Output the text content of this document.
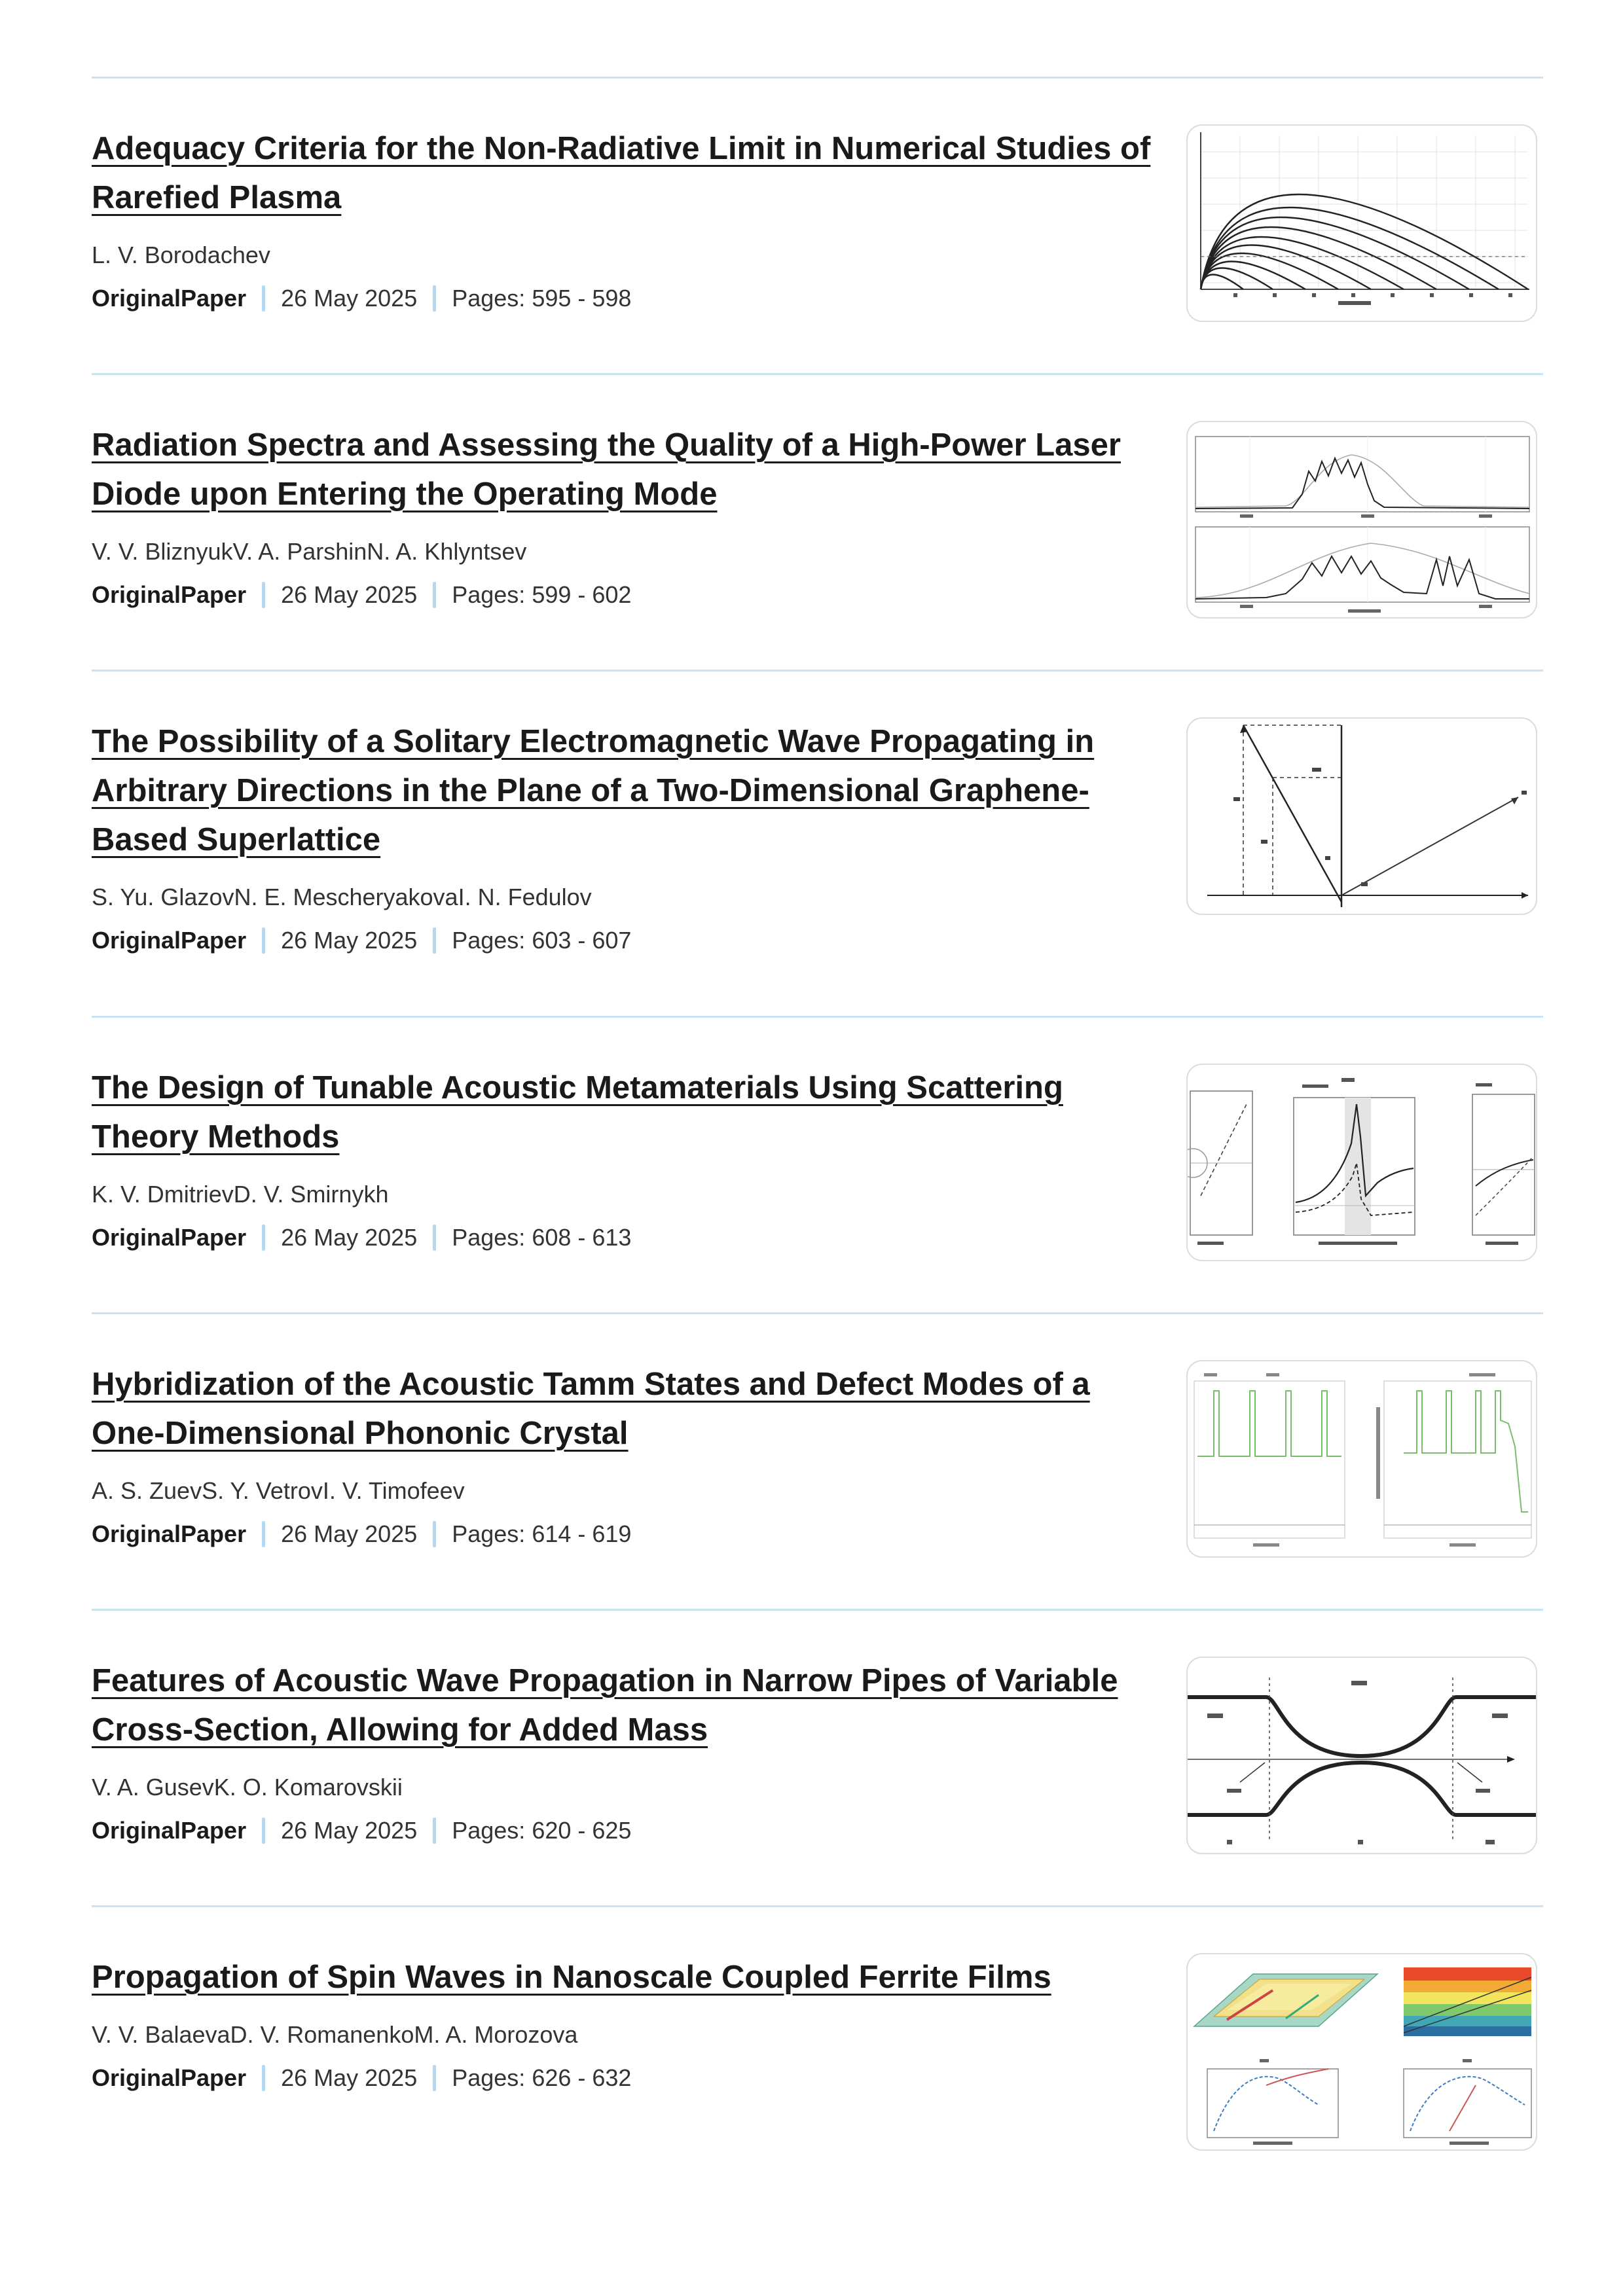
Adequacy Criteria for the Non-Radiative Limit in Numerical Studies of Rarefied Plasma
L. V. Borodachev
OriginalPaper 26 May 2025 Pages: 595 - 598
Radiation Spectra and Assessing the Quality of a High-Power Laser Diode upon Entering the Operating Mode
V. V. BliznyukV. A. ParshinN. A. Khlyntsev
OriginalPaper 26 May 2025 Pages: 599 - 602
The Possibility of a Solitary Electromagnetic Wave Propagating in Arbitrary Directions in the Plane of a Two-Dimensional Graphene-Based Superlattice
S. Yu. GlazovN. E. MescheryakovaI. N. Fedulov
OriginalPaper 26 May 2025 Pages: 603 - 607
The Design of Tunable Acoustic Metamaterials Using Scattering Theory Methods
K. V. DmitrievD. V. Smirnykh
OriginalPaper 26 May 2025 Pages: 608 - 613
Hybridization of the Acoustic Tamm States and Defect Modes of a One-Dimensional Phononic Crystal
A. S. ZuevS. Y. VetrovI. V. Timofeev
OriginalPaper 26 May 2025 Pages: 614 - 619
Features of Acoustic Wave Propagation in Narrow Pipes of Variable Cross-Section, Allowing for Added Mass
V. A. GusevK. O. Komarovskii
OriginalPaper 26 May 2025 Pages: 620 - 625
Propagation of Spin Waves in Nanoscale Coupled Ferrite Films
V. V. BalaevaD. V. RomanenkoM. A. Morozova
OriginalPaper 26 May 2025 Pages: 626 - 632
